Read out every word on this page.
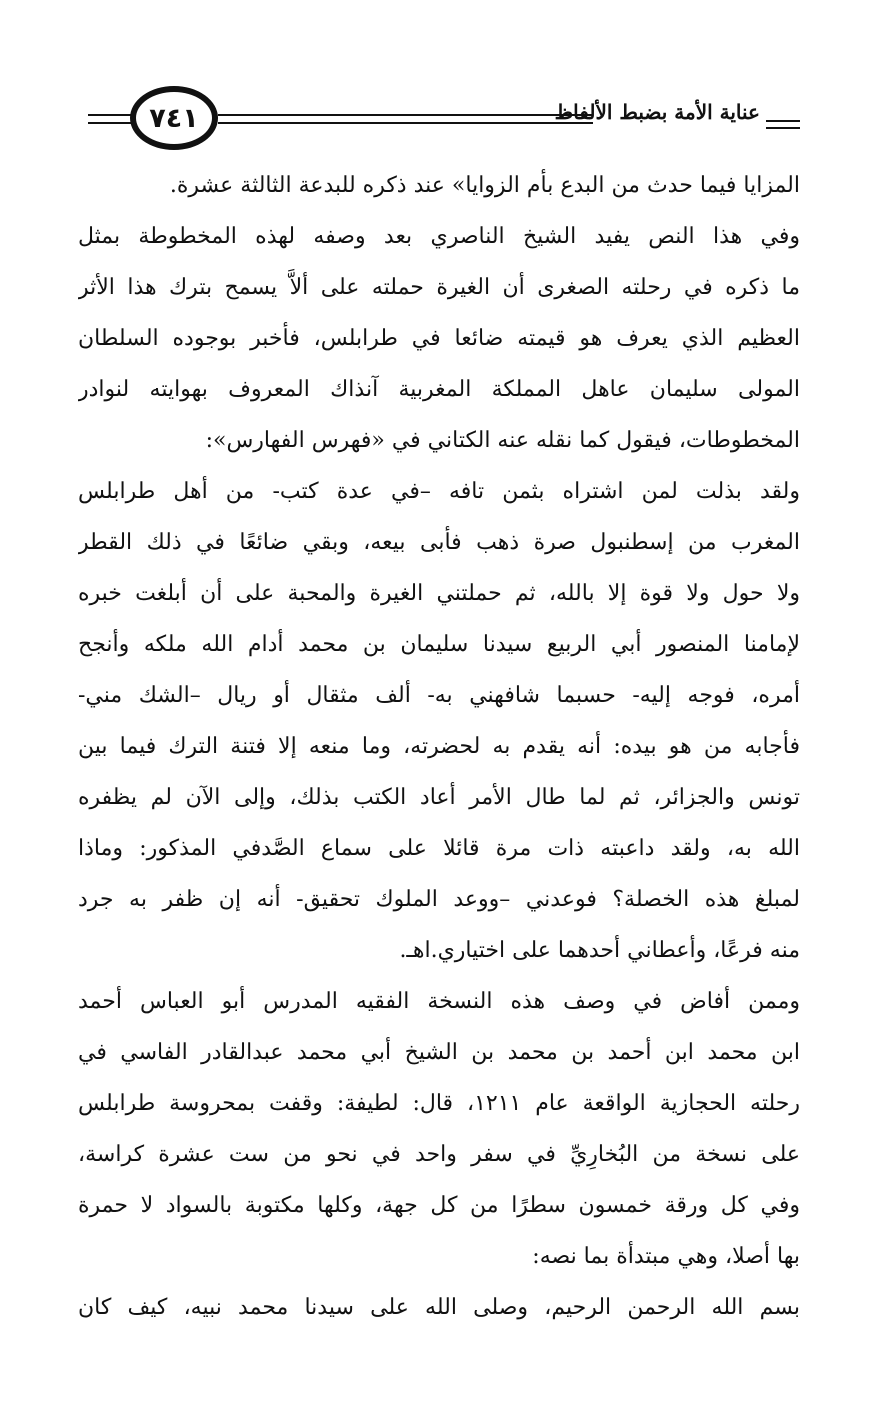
٧٤١	عناية الأمة بضبط الألفاظ
المزايا فيما حدث من البدع بأم الزوايا» عند ذكره للبدعة الثالثة عشرة.
وفي هذا النص يفيد الشيخ الناصري بعد وصفه لهذه المخطوطة بمثل
ما ذكره في رحلته الصغرى أن الغيرة حملته على ألاَّ يسمح بترك هذا الأثر
العظيم الذي يعرف هو قيمته ضائعا في طرابلس، فأخبر بوجوده السلطان
المولى سليمان عاهل المملكة المغربية آنذاك المعروف بهوايته لنوادر
المخطوطات، فيقول كما نقله عنه الكتاني في «فهرس الفهارس»:
ولقد بذلت لمن اشتراه بثمن تافه –في عدة كتب- من أهل طرابلس
المغرب من إسطنبول صرة ذهب فأبى بيعه، وبقي ضائعًا في ذلك القطر
ولا حول ولا قوة إلا بالله، ثم حملتني الغيرة والمحبة على أن أبلغت خبره
لإمامنا المنصور أبي الربيع سيدنا سليمان بن محمد أدام الله ملكه وأنجح
أمره، فوجه إليه- حسبما شافهني به- ألف مثقال أو ريال –الشك مني-
فأجابه من هو بيده: أنه يقدم به لحضرته، وما منعه إلا فتنة الترك فيما بين
تونس والجزائر، ثم لما طال الأمر أعاد الكتب بذلك، وإلى الآن لم يظفره
الله به، ولقد داعبته ذات مرة قائلا على سماع الصَّدفي المذكور: وماذا
لمبلغ هذه الخصلة؟ فوعدني –ووعد الملوك تحقيق- أنه إن ظفر به جرد
منه فرعًا، وأعطاني أحدهما على اختياري.اهـ.
وممن أفاض في وصف هذه النسخة الفقيه المدرس أبو العباس أحمد
ابن محمد ابن أحمد بن محمد بن الشيخ أبي محمد عبدالقادر الفاسي في
رحلته الحجازية الواقعة عام ١٢١١، قال: لطيفة: وقفت بمحروسة طرابلس
على نسخة من البُخارِيِّ في سفر واحد في نحو من ست عشرة كراسة،
وفي كل ورقة خمسون سطرًا من كل جهة، وكلها مكتوبة بالسواد لا حمرة
بها أصلا، وهي مبتدأة بما نصه:
بسم الله الرحمن الرحيم، وصلى الله على سيدنا محمد نبيه، كيف كان
